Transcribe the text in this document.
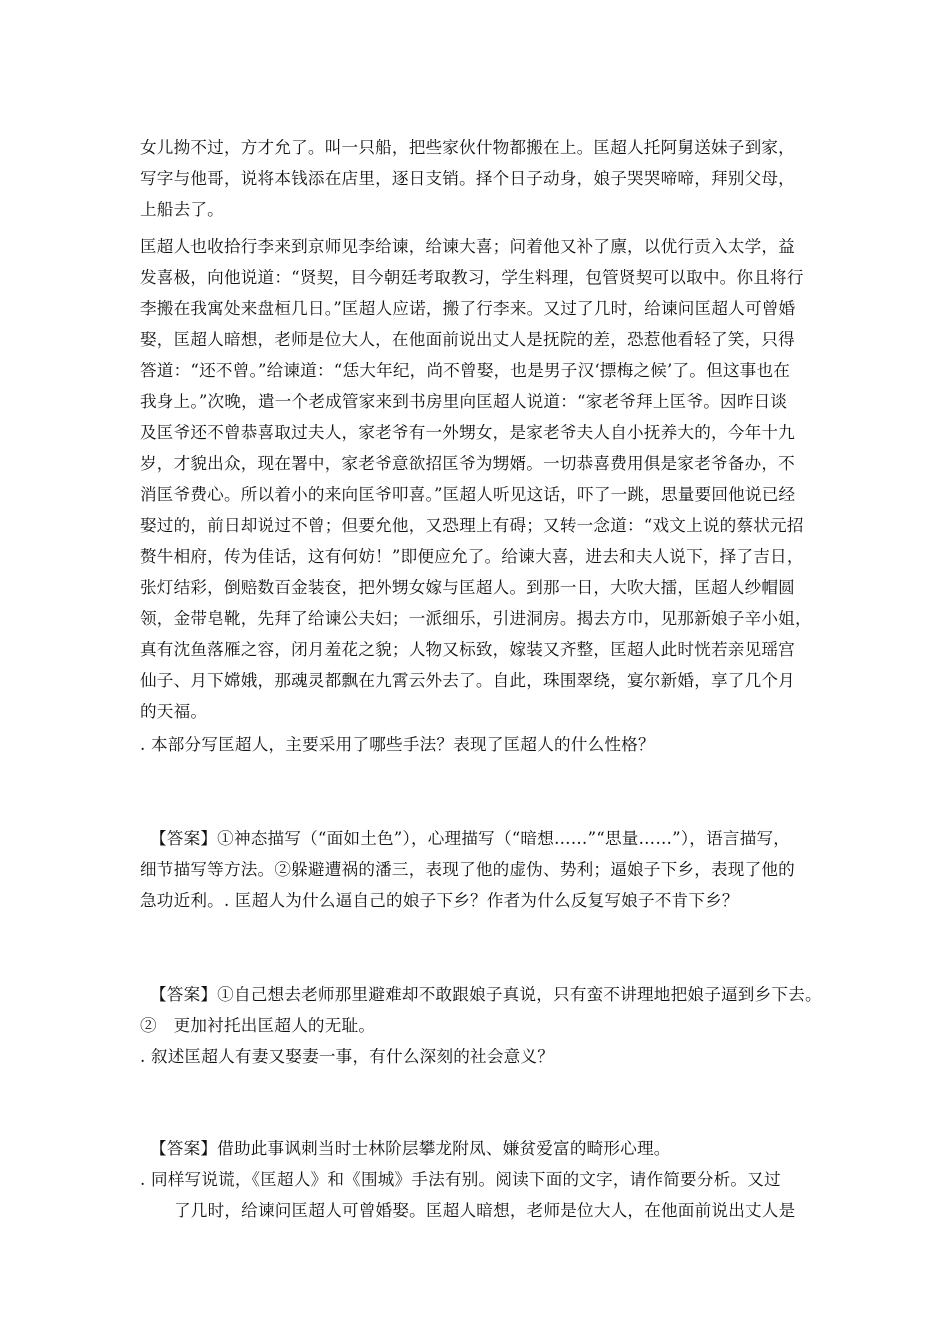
女儿拗不过，方才允了。叫一只船，把些家伙什物都搬在上。匡超人托阿舅送妹子到家，
写字与他哥，说将本钱添在店里，逐日支销。择个日子动身，娘子哭哭啼啼，拜别父母，
上船去了。
匡超人也收拾行李来到京师见李给谏，给谏大喜；问着他又补了廪，以优行贡入太学，益
发喜极，向他说道：“贤契，目今朝廷考取教习，学生料理，包管贤契可以取中。你且将行
李搬在我寓处来盘桓几日。”匡超人应诺，搬了行李来。又过了几时，给谏问匡超人可曾婚
娶，匡超人暗想，老师是位大人，在他面前说出丈人是抚院的差，恐惹他看轻了笑，只得
答道：“还不曾。”给谏道：“恁大年纪，尚不曾娶，也是男子汉‘摽梅之候’了。但这事也在
我身上。”次晚，遣一个老成管家来到书房里向匡超人说道：“家老爷拜上匡爷。因昨日谈
及匡爷还不曾恭喜取过夫人，家老爷有一外甥女，是家老爷夫人自小抚养大的，今年十九
岁，才貌出众，现在署中，家老爷意欲招匡爷为甥婿。一切恭喜费用俱是家老爷备办，不
消匡爷费心。所以着小的来向匡爷叩喜。”匡超人听见这话，吓了一跳，思量要回他说已经
娶过的，前日却说过不曾；但要允他，又恐理上有碍；又转一念道：“戏文上说的蔡状元招
赘牛相府，传为佳话，这有何妨！”即便应允了。给谏大喜，进去和夫人说下，择了吉日，
张灯结彩，倒赔数百金装奁，把外甥女嫁与匡超人。到那一日，大吹大擂，匡超人纱帽圆
领，金带皂靴，先拜了给谏公夫妇；一派细乐，引进洞房。揭去方巾，见那新娘子辛小姐，
真有沈鱼落雁之容，闭月羞花之貌；人物又标致，嫁装又齐整，匡超人此时恍若亲见瑶宫
仙子、月下嫦娥，那魂灵都飘在九霄云外去了。自此，珠围翠绕，宴尔新婚，享了几个月
的天福。
. 本部分写匡超人，主要采用了哪些手法？表现了匡超人的什么性格？
【答案】①神态描写（“面如土色”），心理描写（“暗想……”“思量……”），语言描写，
细节描写等方法。②躲避遭祸的潘三，表现了他的虚伪、势利；逼娘子下乡，表现了他的
急功近利。. 匡超人为什么逼自己的娘子下乡？作者为什么反复写娘子不肯下乡？
【答案】①自己想去老师那里避难却不敢跟娘子真说，只有蛮不讲理地把娘子逼到乡下去。
②　更加衬托出匡超人的无耻。
. 叙述匡超人有妻又娶妻一事，有什么深刻的社会意义？
【答案】借助此事讽刺当时士林阶层攀龙附凤、嫌贫爱富的畸形心理。
. 同样写说谎，《匡超人》和《围城》手法有别。阅读下面的文字，请作简要分析。又过
了几时，给谏问匡超人可曾婚娶。匡超人暗想，老师是位大人，在他面前说出丈人是
